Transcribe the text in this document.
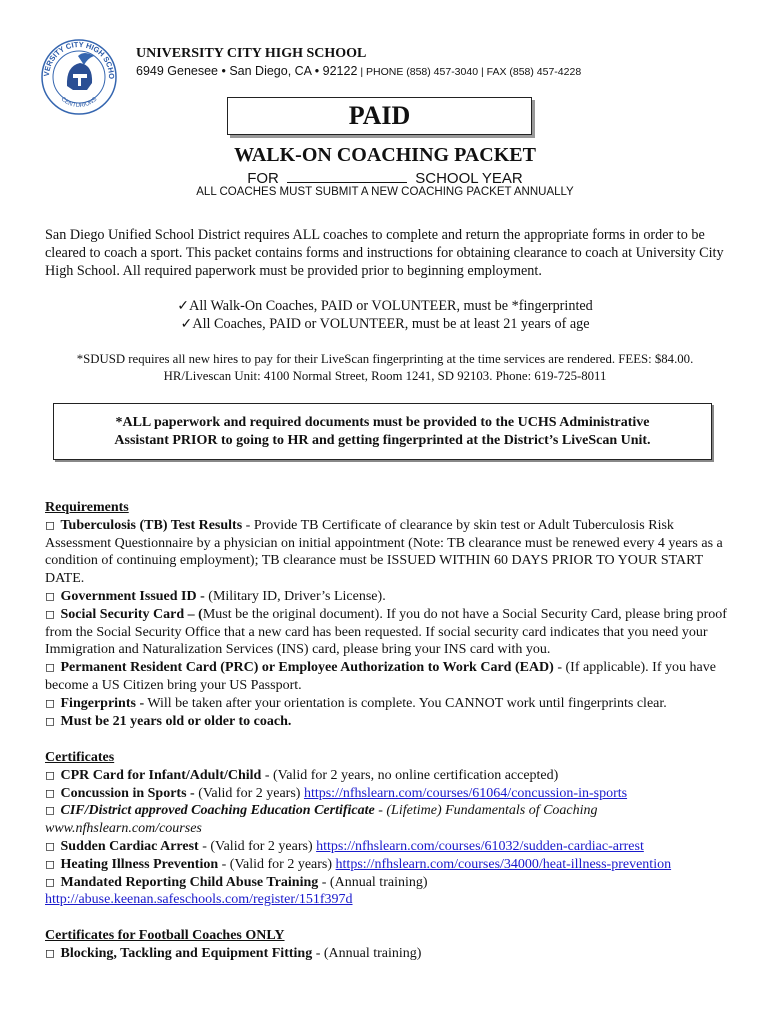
VERSITY CITY HIGH SCHO
CENTURIONS
UNIVERSITY CITY HIGH SCHOOL
6949 Genesee • San Diego, CA • 92122 | PHONE (858) 457-3040 | FAX (858) 457-4228
PAID
WALK-ON COACHING PACKET
FOR	SCHOOL YEAR
ALL COACHES MUST SUBMIT A NEW COACHING PACKET ANNUALLY
San Diego Unified School District requires ALL coaches to complete and return the appropriate forms in order to be cleared to coach a sport. This packet contains forms and instructions for obtaining clearance to coach at University City High School. All required paperwork must be provided prior to beginning employment.
✓All Walk-On Coaches, PAID or VOLUNTEER, must be *fingerprinted
✓All Coaches, PAID or VOLUNTEER, must be at least 21 years of age
*SDUSD requires all new hires to pay for their LiveScan fingerprinting at the time services are rendered. FEES: $84.00.
HR/Livescan Unit: 4100 Normal Street, Room 1241, SD 92103. Phone: 619-725-8011
*ALL paperwork and required documents must be provided to the UCHS Administrative
Assistant PRIOR to going to HR and getting fingerprinted at the District’s LiveScan Unit.
Requirements
◻ Tuberculosis (TB) Test Results - Provide TB Certificate of clearance by skin test or Adult Tuberculosis Risk Assessment Questionnaire by a physician on initial appointment (Note: TB clearance must be renewed every 4 years as a condition of continuing employment); TB clearance must be ISSUED WITHIN 60 DAYS PRIOR TO YOUR START DATE.
◻ Government Issued ID - (Military ID, Driver’s License).
◻ Social Security Card – (Must be the original document). If you do not have a Social Security Card, please bring proof from the Social Security Office that a new card has been requested. If social security card indicates that you need your Immigration and Naturalization Services (INS) card, please bring your INS card with you.
◻ Permanent Resident Card (PRC) or Employee Authorization to Work Card (EAD) - (If applicable). If you have become a US Citizen bring your US Passport.
◻ Fingerprints - Will be taken after your orientation is complete. You CANNOT work until fingerprints clear.
◻ Must be 21 years old or older to coach.
Certificates
◻ CPR Card for Infant/Adult/Child - (Valid for 2 years, no online certification accepted)
◻ Concussion in Sports - (Valid for 2 years) https://nfhslearn.com/courses/61064/concussion-in-sports
◻ CIF/District approved Coaching Education Certificate - (Lifetime) Fundamentals of Coaching
www.nfhslearn.com/courses
◻ Sudden Cardiac Arrest - (Valid for 2 years) https://nfhslearn.com/courses/61032/sudden-cardiac-arrest
◻ Heating Illness Prevention - (Valid for 2 years) https://nfhslearn.com/courses/34000/heat-illness-prevention
◻ Mandated Reporting Child Abuse Training - (Annual training)
http://abuse.keenan.safeschools.com/register/151f397d
Certificates for Football Coaches ONLY
◻ Blocking, Tackling and Equipment Fitting - (Annual training)
